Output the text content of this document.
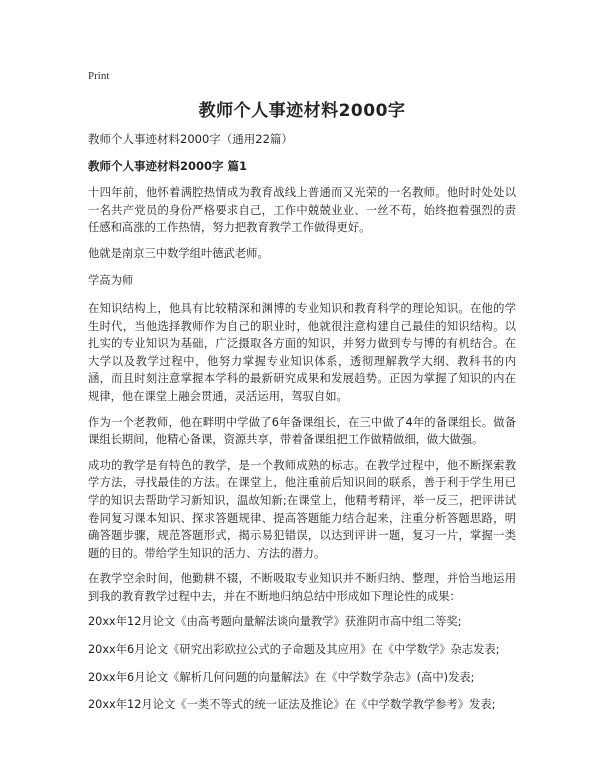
Print
教师个人事迹材料2000字

教师个人事迹材料2000字（通用22篇）

教师个人事迹材料2000字 篇1

十四年前，他怀着满腔热情成为教育战线上普通而又光荣的一名教师。他时时处处以一名共产党员的身份严格要求自己，工作中兢兢业业、一丝不苟，始终抱着强烈的责任感和高涨的工作热情，努力把教育教学工作做得更好。

他就是南京三中数学组叶德武老师。

学高为师

在知识结构上，他具有比较精深和渊博的专业知识和教育科学的理论知识。在他的学生时代，当他选择教师作为自己的职业时，他就很注意构建自己最佳的知识结构。以扎实的专业知识为基础，广泛摄取各方面的知识，并努力做到专与博的有机结合。在大学以及教学过程中，他努力掌握专业知识体系，透彻理解教学大纲、教科书的内涵，而且时刻注意掌握本学科的最新研究成果和发展趋势。正因为掌握了知识的内在规律，他在课堂上融会贯通，灵活运用，驾驭自如。

作为一个老教师，他在畔明中学做了6年备课组长，在三中做了4年的备课组长。做备课组长期间，他精心备课，资源共享，带着备课组把工作做精做细，做大做强。

成功的教学是有特色的教学，是一个教师成熟的标志。在教学过程中，他不断探索教学方法，寻找最佳的方法。在课堂上，他注重前后知识间的联系，善于利于学生用已学的知识去帮助学习新知识，温故知新;在课堂上，他精考精评，举一反三，把评讲试卷同复习课本知识、探求答题规律、提高答题能力结合起来，注重分析答题思路，明确答题步骤，规范答题形式，揭示易犯错误，以达到评讲一题，复习一片，掌握一类题的目的。带给学生知识的活力、方法的潜力。

在教学空余时间，他勤耕不辍，不断吸取专业知识并不断归纳、整理，并恰当地运用到我的教育教学过程中去，并在不断地归纳总结中形成如下理论性的成果：

20xx年12月论文《由高考题向量解法谈向量教学》获淮阴市高中组二等奖;

20xx年6月论文《研究出彩欧拉公式的子命题及其应用》在《中学数学》杂志发表;

20xx年6月论文《解析几何问题的向量解法》在《中学数学杂志》(高中)发表;

20xx年12月论文《一类不等式的统一证法及推论》在《中学数学教学参考》发表;
